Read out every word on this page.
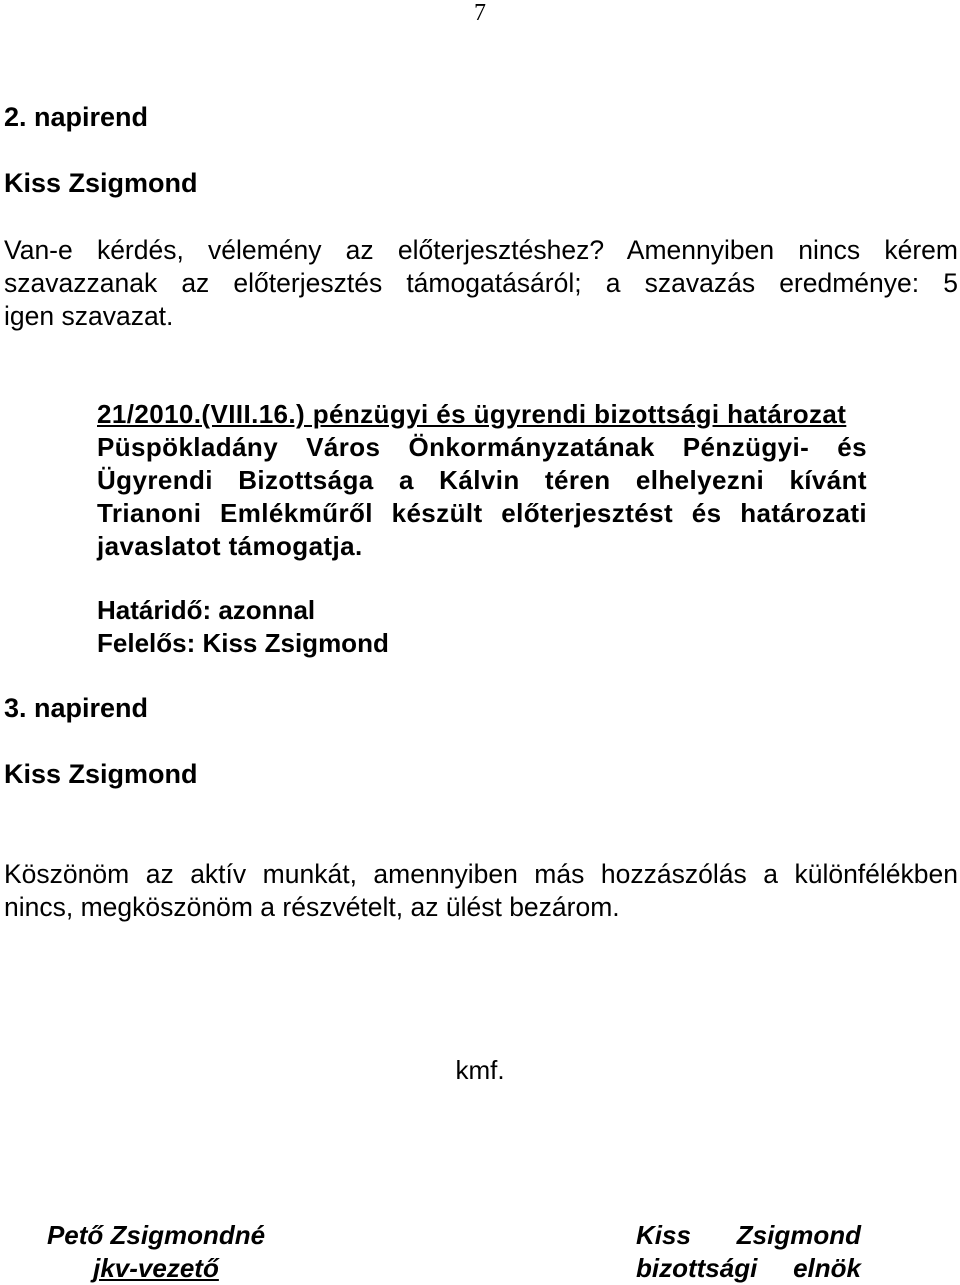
7
2. napirend
Kiss Zsigmond
Van-e kérdés, vélemény az előterjesztéshez? Amennyiben nincs kérem
szavazzanak az előterjesztés támogatásáról; a szavazás eredménye: 5
igen szavazat.
21/2010.(VIII.16.) pénzügyi és ügyrendi bizottsági határozat
Püspökladány Város Önkormányzatának Pénzügyi- és
Ügyrendi Bizottsága a Kálvin téren elhelyezni kívánt
Trianoni Emlékműről készült előterjesztést és határozati
javaslatot támogatja.
Határidő: azonnal
Felelős: Kiss Zsigmond
3. napirend
Kiss Zsigmond
Köszönöm az aktív munkát, amennyiben más hozzászólás a különfélékben
nincs, megköszönöm a részvételt, az ülést bezárom.
kmf.
Pető Zsigmondné
jkv-vezető
Kiss Zsigmond
bizottsági elnök
